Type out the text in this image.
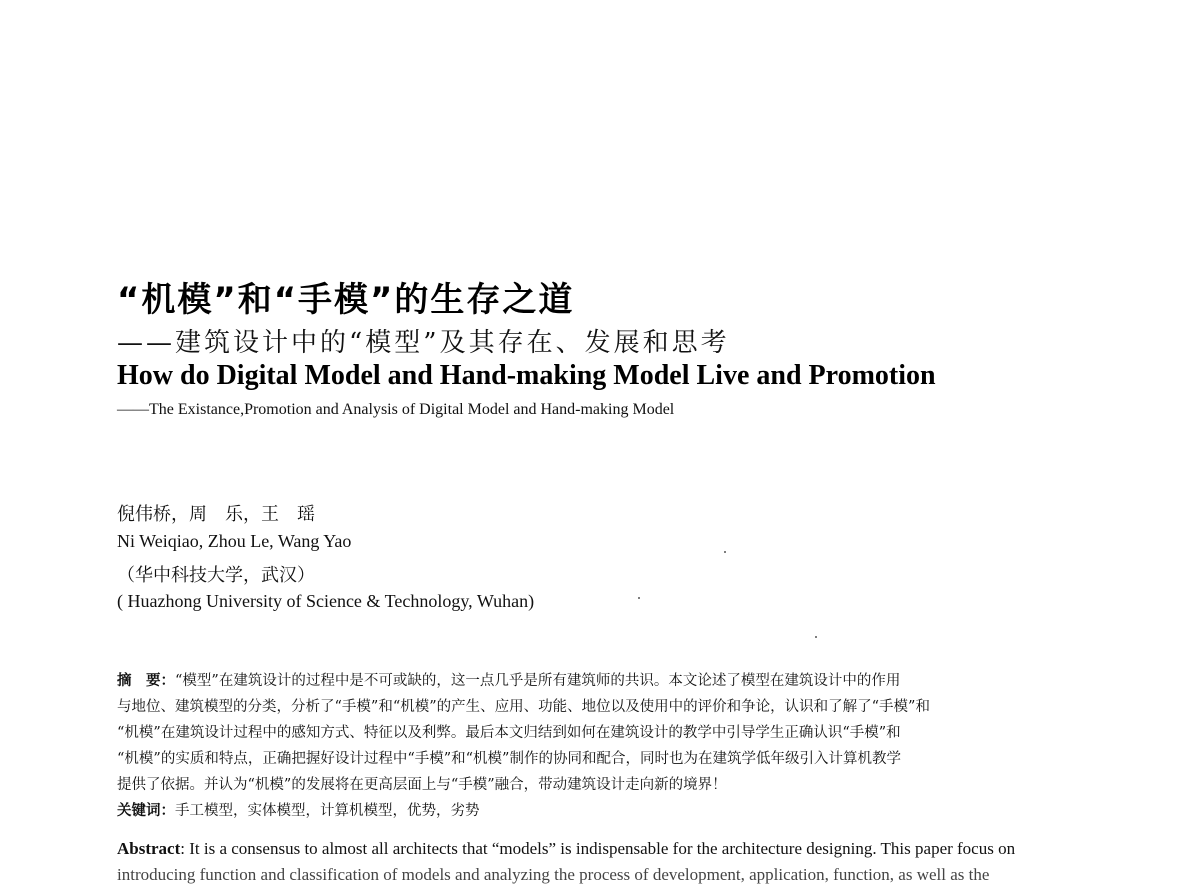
“机模”和“手模”的生存之道
——建筑设计中的“模型”及其存在、发展和思考
How do Digital Model and Hand-making Model Live and Promotion
——The Existance,Promotion and Analysis of Digital Model and Hand-making Model
倪伟桥，周　乐，王　瑶
Ni Weiqiao, Zhou Le, Wang Yao
（华中科技大学，武汉）
( Huazhong University of Science & Technology, Wuhan)
摘　要：“模型”在建筑设计的过程中是不可或缺的，这一点几乎是所有建筑师的共识。本文论述了模型在建筑设计中的作用
与地位、建筑模型的分类，分析了“手模”和“机模”的产生、应用、功能、地位以及使用中的评价和争论，认识和了解了“手模”和
“机模”在建筑设计过程中的感知方式、特征以及利弊。最后本文归结到如何在建筑设计的教学中引导学生正确认识“手模”和
“机模”的实质和特点，正确把握好设计过程中“手模”和“机模”制作的协同和配合，同时也为在建筑学低年级引入计算机教学
提供了依据。并认为“机模”的发展将在更高层面上与“手模”融合，带动建筑设计走向新的境界！
关键词：手工模型，实体模型，计算机模型，优势，劣势
Abstract: It is a consensus to almost all architects that “models” is indispensable for the architecture designing. This paper focus on
introducing function and classification of models and analyzing the process of development, application, function, as well as the
